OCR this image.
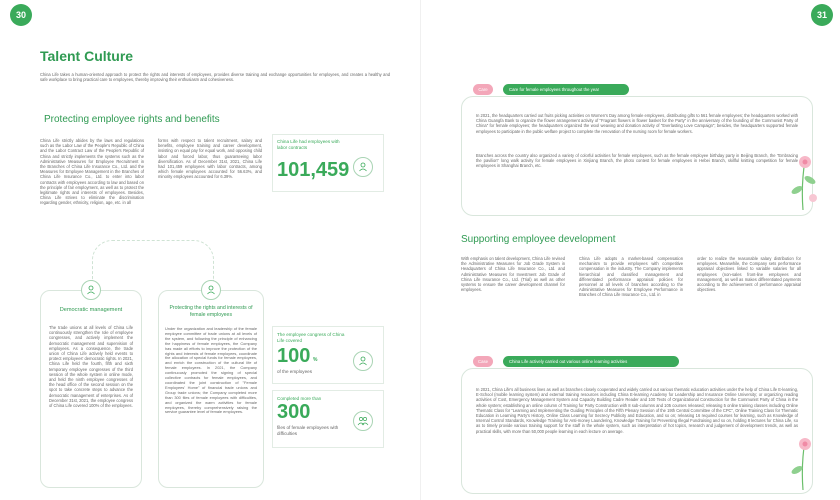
30
Talent Culture
China Life takes a human-oriented approach to protect the rights and interests of employees, provides diverse training and exchange opportunities for employees, and creates a healthy and safe workplace to bring practical care to employees, thereby improving their enthusiasm and cohesiveness.
Protecting employee rights and benefits
China Life strictly abides by the laws and regulations such as the Labor Law of the People's Republic of China and the Labor Contract Law of the People's Republic of China and strictly implements the systems such as the Administrative Measures for Employee Recruitment in the Branches of China Life Insurance Co., Ltd. and the Measures for Employee Management in the Branches of China Life Insurance Co., Ltd. to enter into labor contracts with employees according to law and based on the principle of fair employment, as well as to protect the legitimate rights and interests of employees. Besides, China Life strives to eliminate the discrimination regarding gender, ethnicity, religion, age, etc. in all
forms with respect to talent recruitment, salary and benefits, employee training and career development, insisting on equal pay for equal work, and opposing child labor and forced labor, thus guaranteeing labor diversification. As of December 31st, 2021, China Life had 101,459 employees with labor contracts, among which female employees accounted for 56.63%, and minority employees accounted for 6.39%.
China Life had employees with labor contracts
101,459
Democratic management
The trade unions at all levels of China Life continuously strengthen the role of employee congresses, and actively implement the democratic management and supervision of employees. As a consequence, the trade union of China Life actively held events to protect employees' democratic rights. In 2021, China Life held the fourth, fifth and sixth temporary employee congresses of the third session of the whole system in online mode, and held the ninth employee congresses of the head office of the second session on the spot to take concrete steps to advance the democratic management of enterprises. As of December 31st, 2021, the employee congress of China Life covered 100% of the employees.
Protecting the rights and interests of female employees
Under the organization and leadership of the female employee committee of trade unions at all levels of the system, and following the principle of enhancing the happiness of female employees, the Company has made all efforts to improve the protection of the rights and interests of female employees, coordinate the allocation of special funds for female employees, and enrich the construction of the cultural life of female employees. In 2021, the Company continuously promoted the signing of special collective contracts for female employees, and coordinated the joint construction of "Female Employees' Home" of financial trade unions and Group trade unions; the Company completed more than 300 files of female employees with difficulties, and organized the warm activities for female employees, thereby comprehensively raising the service guarantee level of female employees.
The employee congress of China Life covered
100 %
of the employees
Completed more than
300
files of female employees with difficulties
31
In 2021, the headquarters carried out fruits picking activities on Women's Day among female employees, distributing gifts to 561 female employees; the headquarters worked with China Guangfa Bank to organize the flower arrangement activity of "Fragrant flowers in flower basket for the Party" in the anniversary of the founding of the Communist Party of China" for female employees; the headquarters organized the wool weaving and donation activity of "Everlasting Love Campaign"; besides, the headquarters supported female employees to participate in the public welfare project to complete the renovation of the nursing room for female workers.
Branches across the country also organized a variety of colorful activities for female employees, such as the female employee birthday party in Beijing Branch, the "Embracing the pavilion" long walk activity for female employees in Xinjiang Branch, the photo contest for female employees in Hebei Branch, skillful knitting competition for female employees in Shanghai Branch, etc.
Care	Care for female employees throughout the year
Supporting employee development
With emphasis on talent development, China Life revised the Administrative Measures for Job Grade System in Headquarters of China Life Insurance Co., Ltd. and Administrative Measures for Investment Job Grade of China Life Insurance Co., Ltd. (Trial) as well as other systems to ensure the career development channel for employees.
China Life adopts a market-based compensation mechanism to provide employees with competitive compensation in the industry. The Company implements hierarchical and classified management and differentiated performance appraisal policies for personnel at all levels of branches according to the Administrative Measures for Employee Performance in Branches of China Life Insurance Co., Ltd. in
order to realize the reasonable salary distribution for employees. Meanwhile, the Company sets performance appraisal objectives linked to variable salaries for all employees (non-sales front-line employees and management), as well as makes differentiated payments according to the achievement of performance appraisal objectives.
In 2021, China Life's all business lines as well as branches closely cooperated and widely carried out various thematic education activities under the help of China Life E-learning, E-School (mobile learning system) and external training resources including China E-learning Academy for Leadership and Insurance Online University; or organizing reading activities of Cost, Emergency Management System and Capacity Building Cadre Reader and 100 Texts of Organizational Construction for the Communist Party of China in the whole system; establishing an online column of Training for Party Construction with 8 sub-columns and 105 courses released; releasing 5 online training classes including Online Thematic Class for "Learning and Implementing the Guiding Principles of the Fifth Plenary Session of the 19th Central Committee of the CPC", Online Training Class for Thematic Education in Learning Party's History, Online Class Learning for Secrecy Publicity and Education, and so on; releasing 16 required courses for learning, such as Knowledge of Internal Control Standards, Knowledge Training for Anti-money Laundering, Knowledge Training for Preventing Illegal Fundraising and so on, holding 8 lectures for China Life, so as to timely provide various training support for the staff in the whole system, such as interpretation of hot topics, research and judgement of development trends, as well as practical skills, with more than 50,000 people learning in each lecture on average.
Case	China Life actively carried out various online learning activities
